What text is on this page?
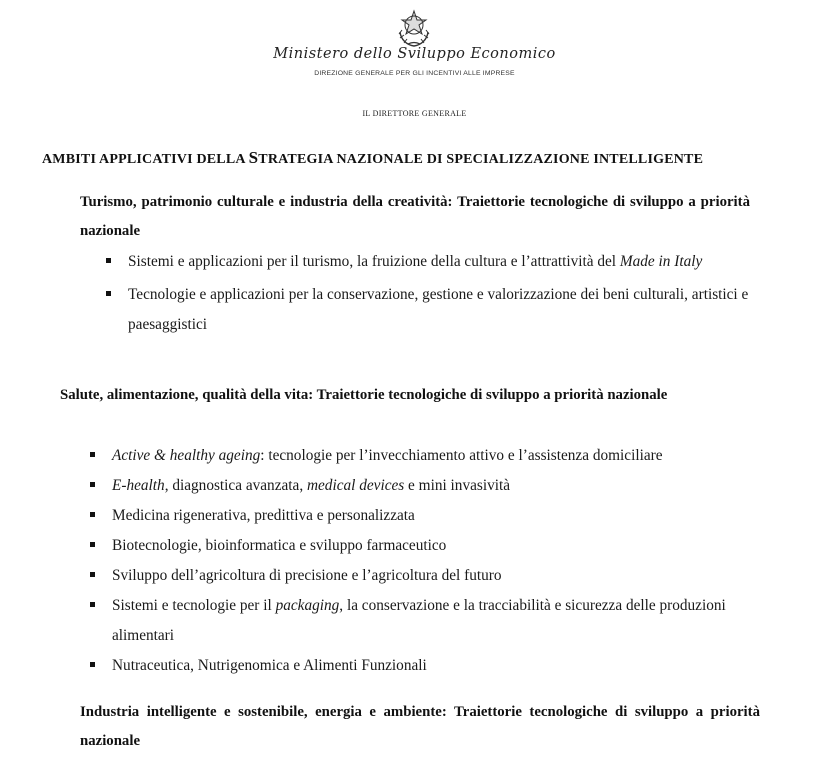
Ministero dello Sviluppo Economico
DIREZIONE GENERALE PER GLI INCENTIVI ALLE IMPRESE
IL DIRETTORE GENERALE
AMBITI APPLICATIVI DELLA STRATEGIA NAZIONALE DI SPECIALIZZAZIONE INTELLIGENTE

Turismo, patrimonio culturale e industria della creatività: Traiettorie tecnologiche di sviluppo a priorità nazionale

Sistemi e applicazioni per il turismo, la fruizione della cultura e l’attrattività del Made in Italy
Tecnologie e applicazioni per la conservazione, gestione e valorizzazione dei beni culturali, artistici e paesaggistici

Salute, alimentazione, qualità della vita: Traiettorie tecnologiche di sviluppo a priorità nazionale

Active & healthy ageing: tecnologie per l’invecchiamento attivo e l’assistenza domiciliare
E-health, diagnostica avanzata, medical devices e mini invasività
Medicina rigenerativa, predittiva e personalizzata
Biotecnologie, bioinformatica e sviluppo farmaceutico
Sviluppo dell’agricoltura di precisione e l’agricoltura del futuro
Sistemi e tecnologie per il packaging, la conservazione e la tracciabilità e sicurezza delle produzioni alimentari
Nutraceutica, Nutrigenomica e Alimenti Funzionali

Industria intelligente e sostenibile, energia e ambiente: Traiettorie tecnologiche di sviluppo a priorità nazionale
